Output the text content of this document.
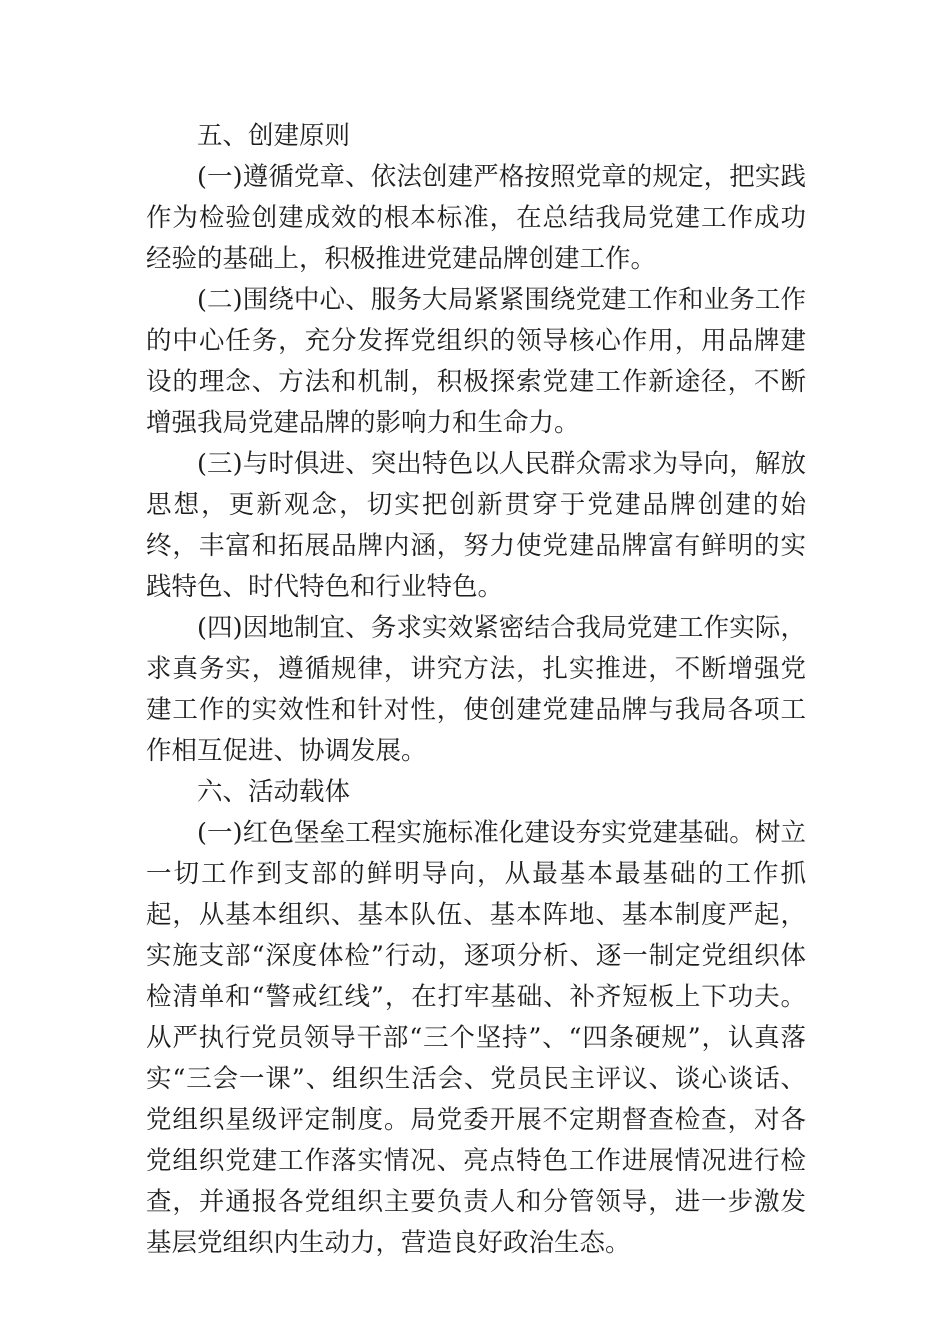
五、创建原则

(一)遵循党章、依法创建严格按照党章的规定，把实践作为检验创建成效的根本标准，在总结我局党建工作成功经验的基础上，积极推进党建品牌创建工作。

(二)围绕中心、服务大局紧紧围绕党建工作和业务工作的中心任务，充分发挥党组织的领导核心作用，用品牌建设的理念、方法和机制，积极探索党建工作新途径，不断增强我局党建品牌的影响力和生命力。

(三)与时俱进、突出特色以人民群众需求为导向，解放思想，更新观念，切实把创新贯穿于党建品牌创建的始终，丰富和拓展品牌内涵，努力使党建品牌富有鲜明的实践特色、时代特色和行业特色。

(四)因地制宜、务求实效紧密结合我局党建工作实际，求真务实，遵循规律，讲究方法，扎实推进，不断增强党建工作的实效性和针对性，使创建党建品牌与我局各项工作相互促进、协调发展。

六、活动载体

(一)红色堡垒工程实施标准化建设夯实党建基础。树立一切工作到支部的鲜明导向，从最基本最基础的工作抓起，从基本组织、基本队伍、基本阵地、基本制度严起，实施支部“深度体检”行动，逐项分析、逐一制定党组织体检清单和“警戒红线”，在打牢基础、补齐短板上下功夫。从严执行党员领导干部“三个坚持”、“四条硬规”，认真落实“三会一课”、组织生活会、党员民主评议、谈心谈话、党组织星级评定制度。局党委开展不定期督查检查，对各党组织党建工作落实情况、亮点特色工作进展情况进行检查，并通报各党组织主要负责人和分管领导，进一步激发基层党组织内生动力，营造良好政治生态。
